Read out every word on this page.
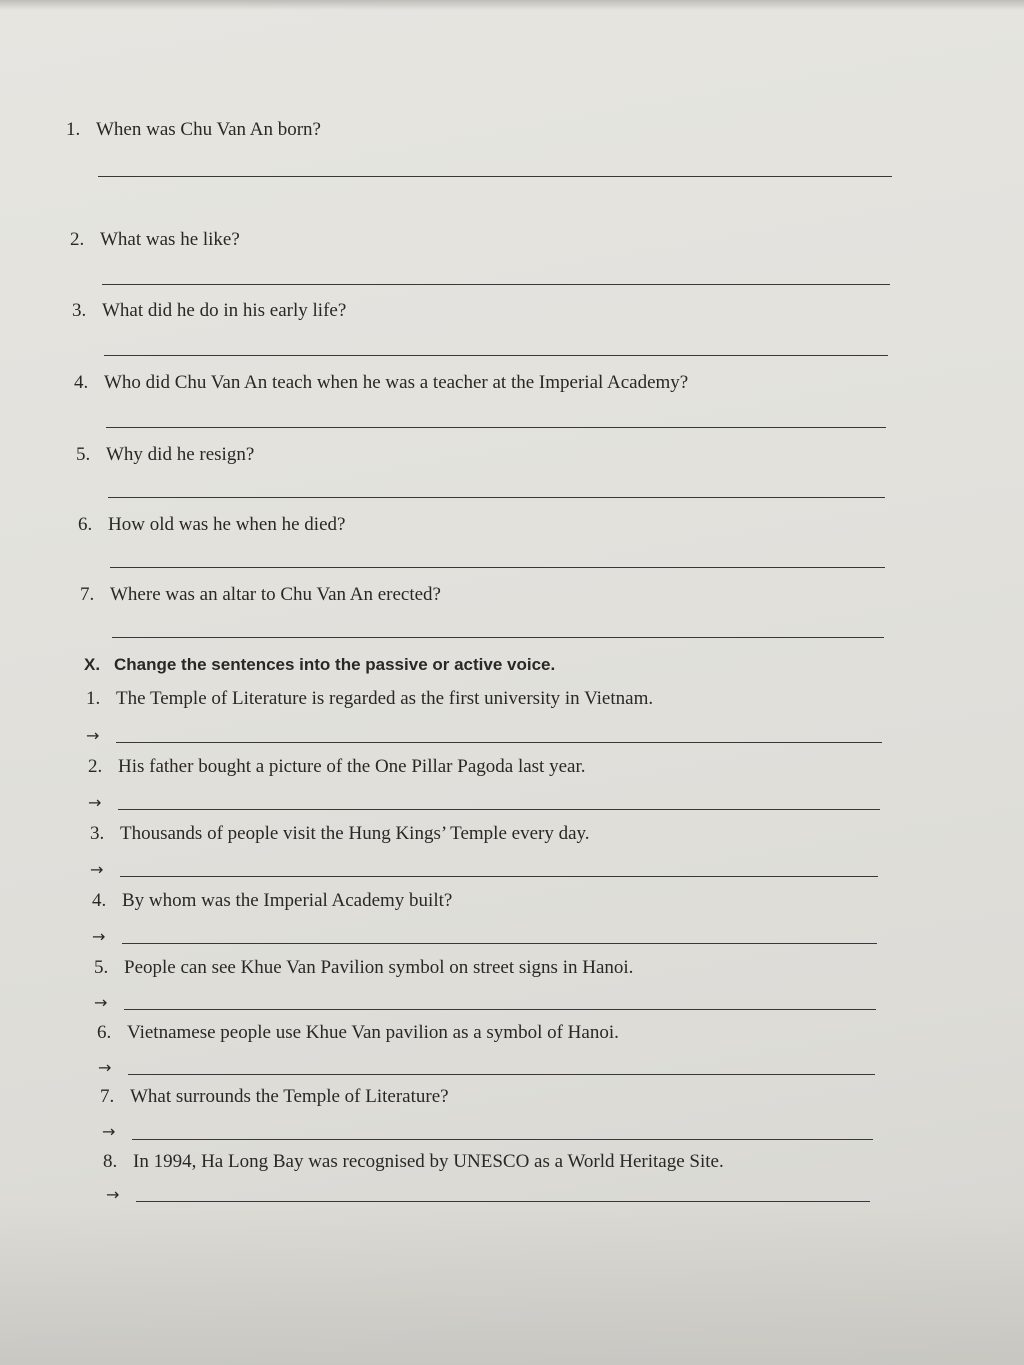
1. When was Chu Van An born?
2. What was he like?
3. What did he do in his early life?
4. Who did Chu Van An teach when he was a teacher at the Imperial Academy?
5. Why did he resign?
6. How old was he when he died?
7. Where was an altar to Chu Van An erected?
X. Change the sentences into the passive or active voice.
1. The Temple of Literature is regarded as the first university in Vietnam.
→
2. His father bought a picture of the One Pillar Pagoda last year.
→
3. Thousands of people visit the Hung Kings’ Temple every day.
→
4. By whom was the Imperial Academy built?
→
5. People can see Khue Van Pavilion symbol on street signs in Hanoi.
→
6. Vietnamese people use Khue Van pavilion as a symbol of Hanoi.
→
7. What surrounds the Temple of Literature?
→
8. In 1994, Ha Long Bay was recognised by UNESCO as a World Heritage Site.
→
